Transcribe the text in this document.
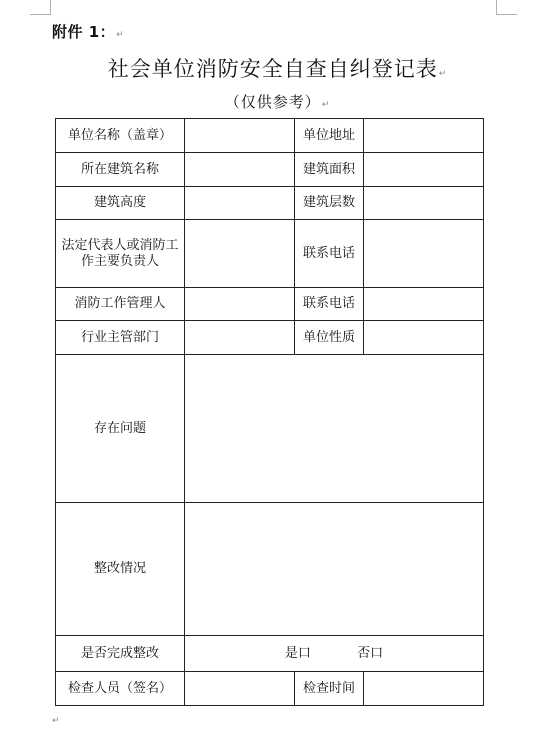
附件 1：↵
社会单位消防安全自查自纠登记表↵
（仅供参考）↵
单位名称（盖章）		单位地址	
所在建筑名称		建筑面积	
建筑高度		建筑层数	

法定代表人或消防工
作主要负责人		联系电话	
消防工作管理人		联系电话	
行业主管部门		单位性质	
存在问题			
整改情况			
是否完成整改	是口 否口		
检查人员（签名）		检查时间	
↵
